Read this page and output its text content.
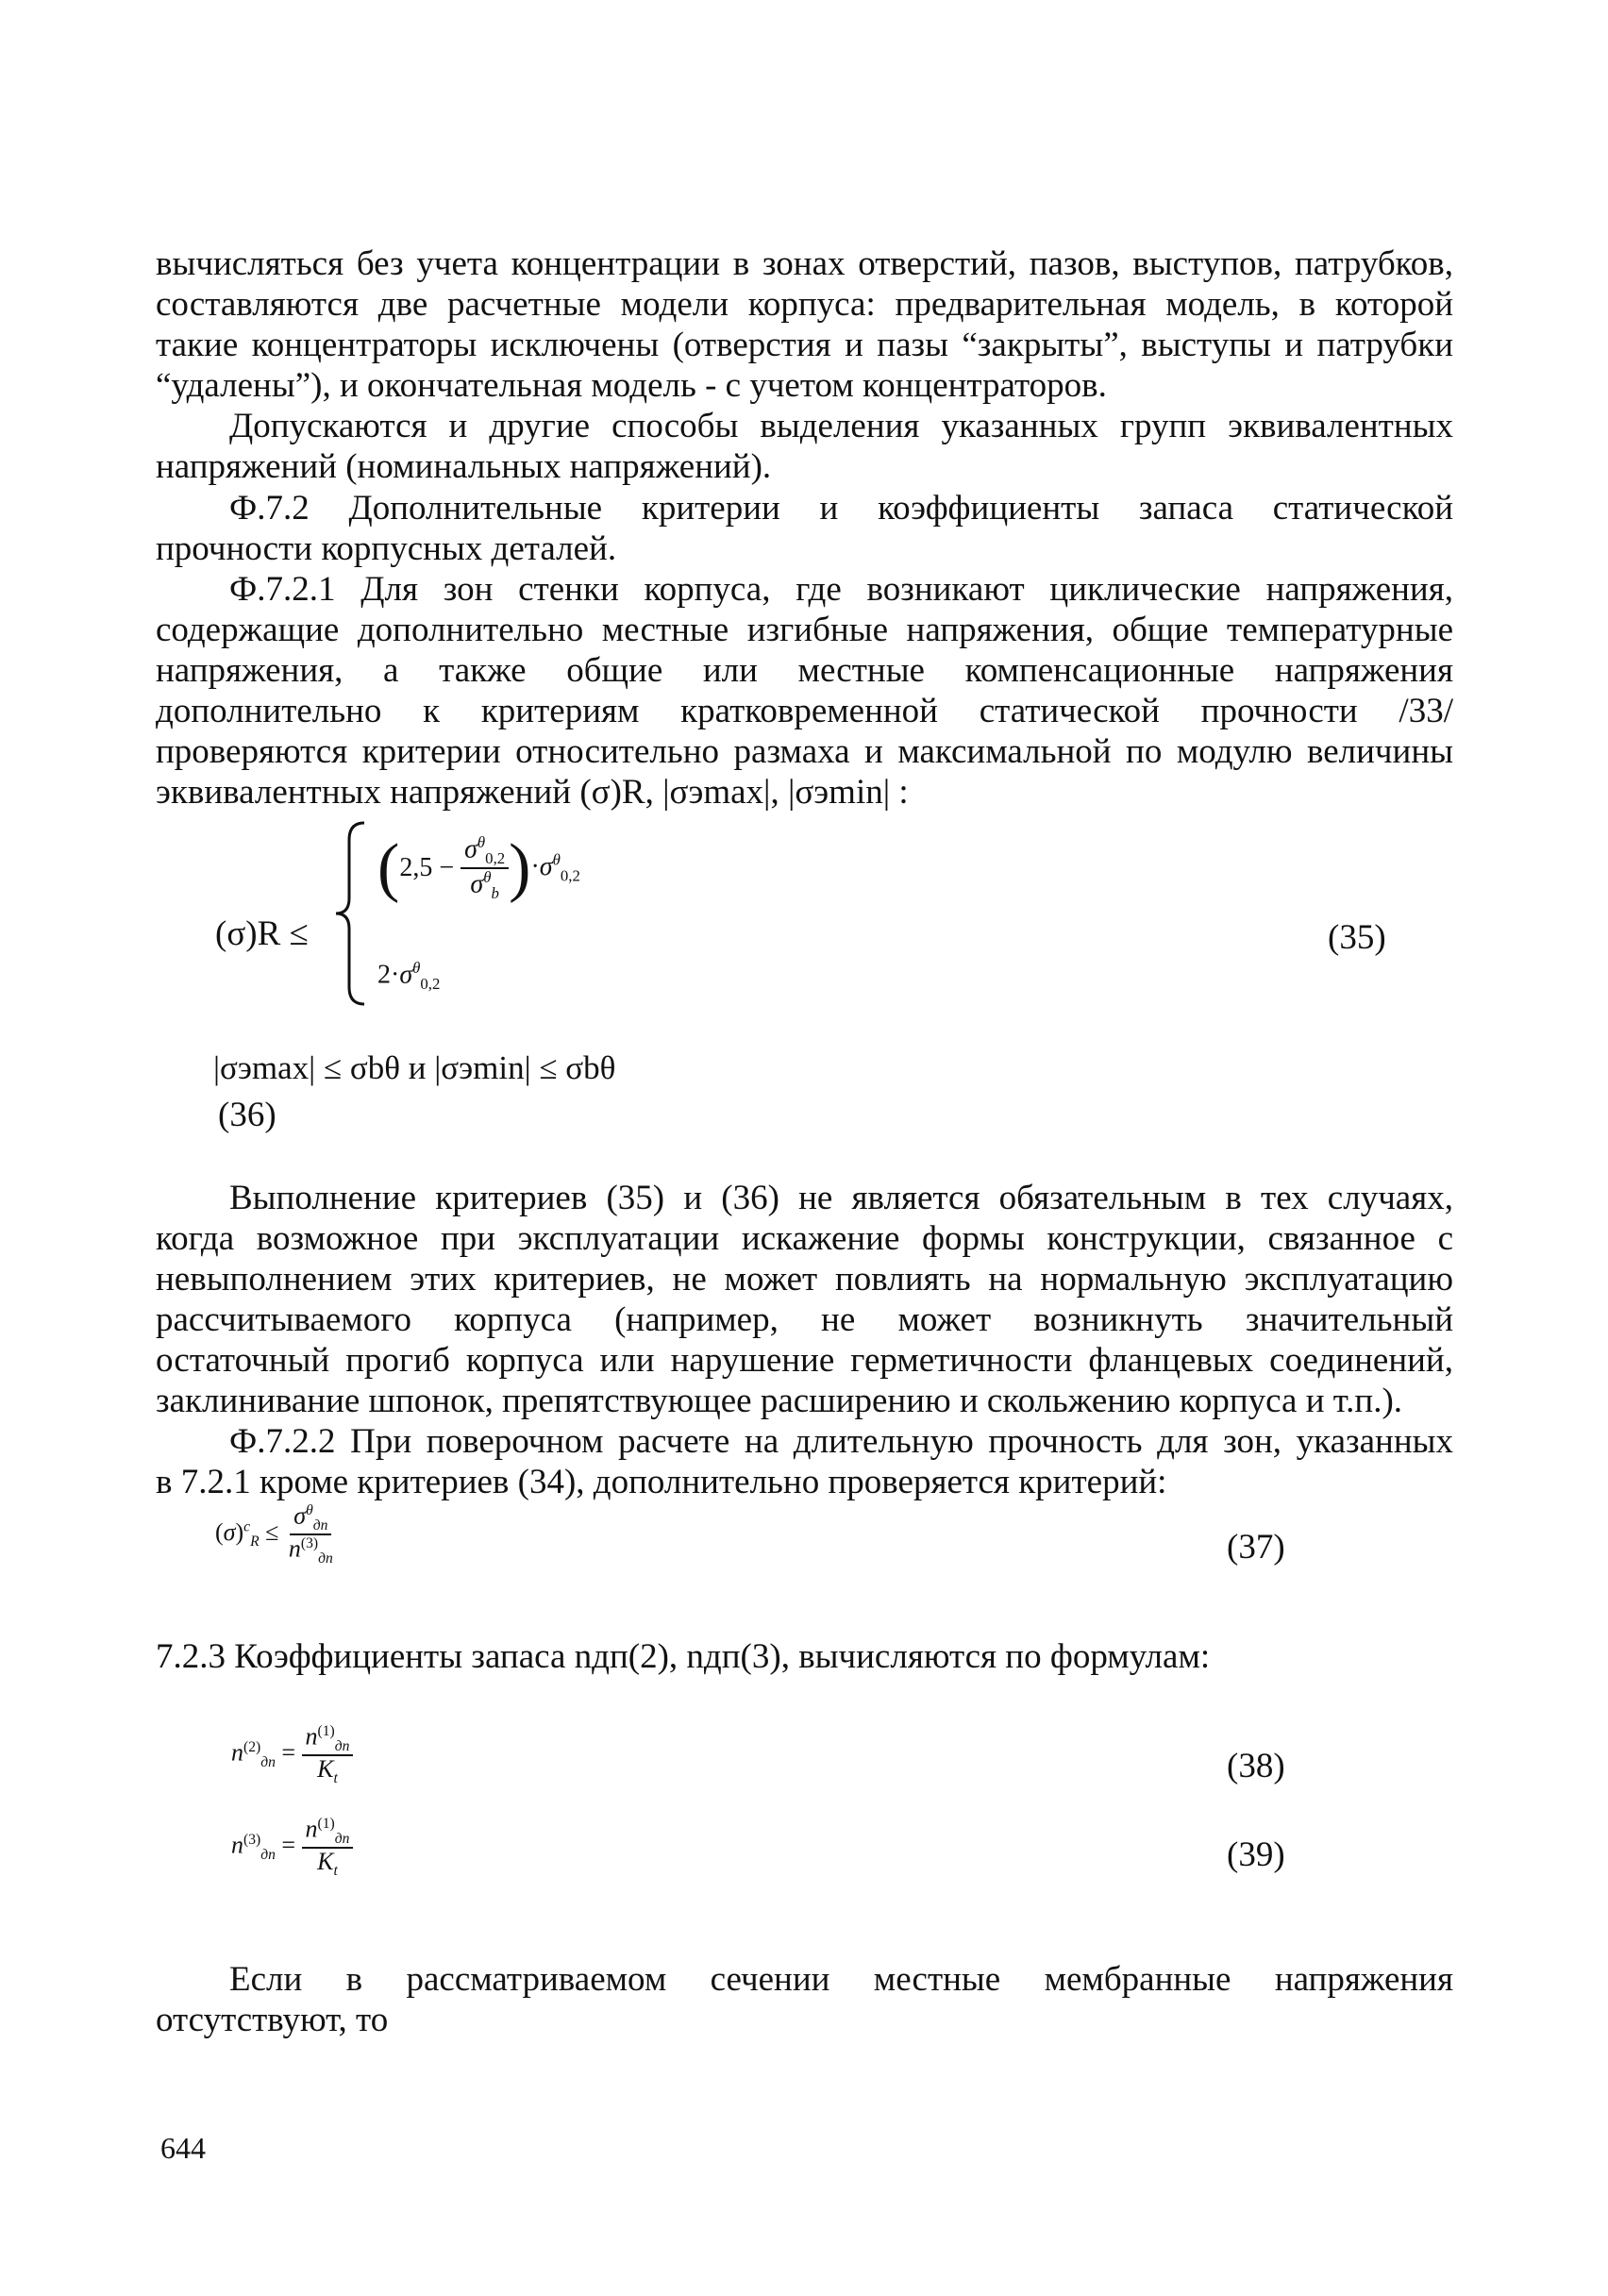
вычисляться без учета концентрации в зонах отверстий, пазов, выступов, патрубков,
составляются две расчетные модели корпуса: предварительная модель, в которой
такие концентраторы исключены (отверстия и пазы “закрыты”, выступы и патрубки
“удалены”), и окончательная модель - с учетом концентраторов.
Допускаются и другие способы выделения указанных групп эквивалентных
напряжений (номинальных напряжений).
Ф.7.2 Дополнительные критерии и коэффициенты запаса статической
прочности корпусных деталей.
Ф.7.2.1 Для зон стенки корпуса, где возникают циклические напряжения,
содержащие дополнительно местные изгибные напряжения, общие температурные
напряжения, а также общие или местные компенсационные напряжения
дополнительно к критериям кратковременной статической прочности /33/
проверяются критерии относительно размаха и максимальной по модулю величины
эквивалентных напряжений (σ)R, |σэmax|, |σэmin| :
(σ)R ≤
$(2,5 - \frac{\sigma^\theta_{0,2}}{\sigma^\theta_b} )\cdot\sigma^\theta_{0,2}$
$2\cdot\sigma^\theta_{0,2}$
(35)
|σэmax| ≤ σbθ и |σэmin| ≤ σbθ
(36)
Выполнение критериев (35) и (36) не является обязательным в тех случаях,
когда возможное при эксплуатации искажение формы конструкции, связанное с
невыполнением этих критериев, не может повлиять на нормальную эксплуатацию
рассчитываемого корпуса (например, не может возникнуть значительный
остаточный прогиб корпуса или нарушение герметичности фланцевых соединений,
заклинивание шпонок, препятствующее расширению и скольжению корпуса и т.п.).
Ф.7.2.2 При поверочном расчете на длительную прочность для зон, указанных
в 7.2.1 кроме критериев (34), дополнительно проверяется критерий:
$(\sigma)^c_R \le \frac{\sigma^\theta_{дп}}{n^{(3)}_{дп}}$	(37)
7.2.3 Коэффициенты запаса nдп(2), nдп(3), вычисляются по формулам:
$n^{(2)}_{дп} = \frac{n^{(1)}_{дп}}{K_t}$	(38)
$n^{(3)}_{дп} = \frac{n^{(1)}_{дп}}{K_t}$	(39)
Если в рассматриваемом сечении местные мембранные напряжения
отсутствуют, то
644
